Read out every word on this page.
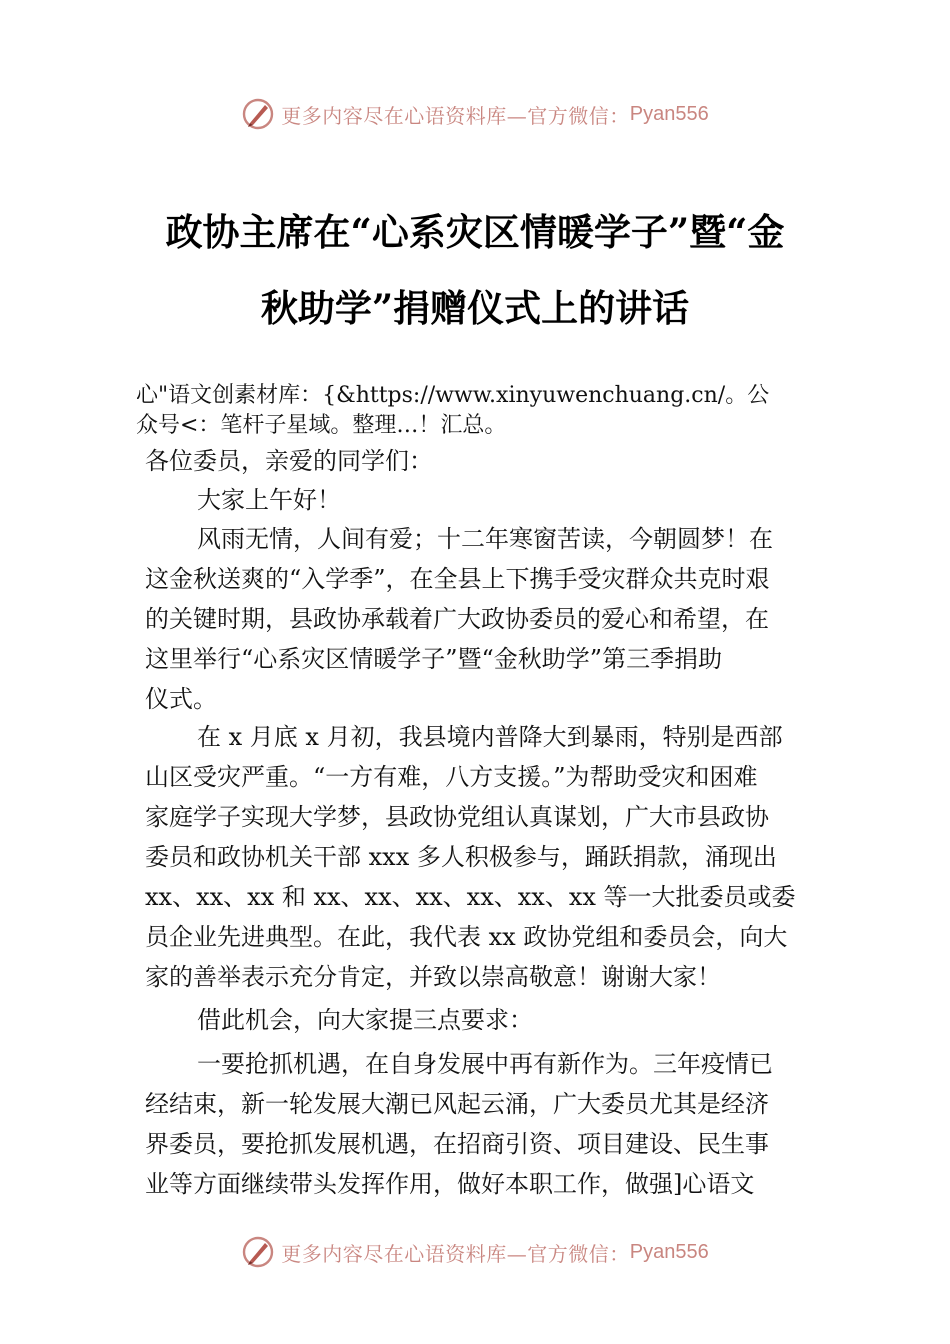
更多内容尽在心语资料库—官方微信： Pyan556
政协主席在“心系灾区情暖学子”暨“金
秋助学”捐赠仪式上的讲话
心"语文创素材库：{&https://www.xinyuwenchuang.cn/。公
众号<：笔杆子星域。整理…！汇总。
各位委员，亲爱的同学们：
大家上午好！
风雨无情，人间有爱；十二年寒窗苦读，今朝圆梦！在
这金秋送爽的“入学季”，在全县上下携手受灾群众共克时艰
的关键时期，县政协承载着广大政协委员的爱心和希望，在
这里举行“心系灾区情暖学子”暨“金秋助学”第三季捐助
仪式。
在 x 月底 x 月初，我县境内普降大到暴雨，特别是西部
山区受灾严重。“一方有难，八方支援。”为帮助受灾和困难
家庭学子实现大学梦，县政协党组认真谋划，广大市县政协
委员和政协机关干部 xxx 多人积极参与，踊跃捐款，涌现出
xx、xx、xx 和 xx、xx、xx、xx、xx、xx 等一大批委员或委
员企业先进典型。在此，我代表 xx 政协党组和委员会，向大
家的善举表示充分肯定，并致以崇高敬意！谢谢大家！
借此机会，向大家提三点要求：
一要抢抓机遇，在自身发展中再有新作为。三年疫情已
经结束，新一轮发展大潮已风起云涌，广大委员尤其是经济
界委员，要抢抓发展机遇，在招商引资、项目建设、民生事
业等方面继续带头发挥作用，做好本职工作，做强]心语文
更多内容尽在心语资料库—官方微信： Pyan556
